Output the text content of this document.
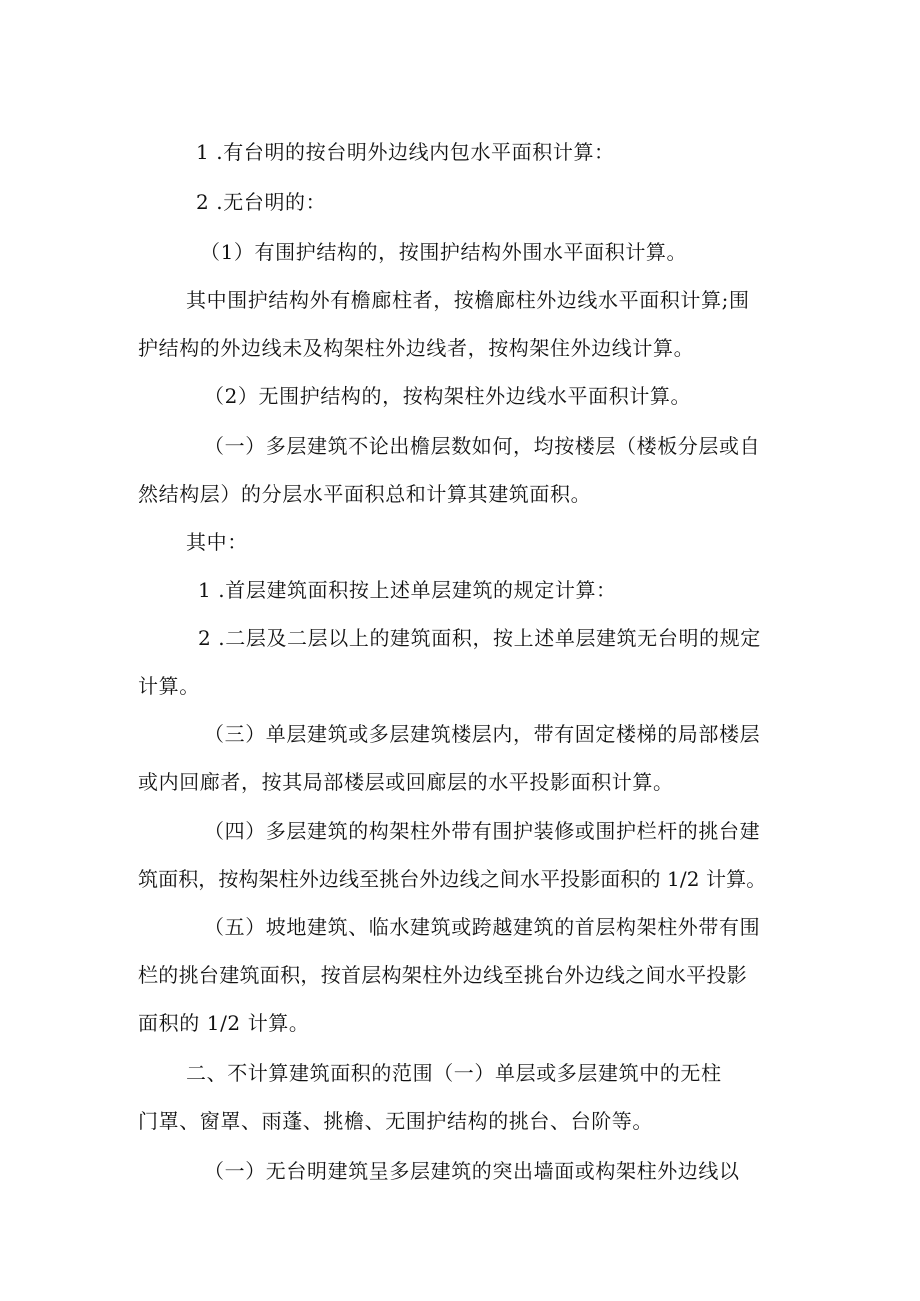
1 .有台明的按台明外边线内包水平面积计算：
2 .无台明的：
（1）有围护结构的，按围护结构外围水平面积计算。
其中围护结构外有檐廊柱者，按檐廊柱外边线水平面积计算;围
护结构的外边线未及构架柱外边线者，按构架住外边线计算。
（2）无围护结构的，按构架柱外边线水平面积计算。
（一）多层建筑不论出檐层数如何，均按楼层（楼板分层或自
然结构层）的分层水平面积总和计算其建筑面积。
其中：
1 .首层建筑面积按上述单层建筑的规定计算：
2 .二层及二层以上的建筑面积，按上述单层建筑无台明的规定
计算。
（三）单层建筑或多层建筑楼层内，带有固定楼梯的局部楼层
或内回廊者，按其局部楼层或回廊层的水平投影面积计算。
（四）多层建筑的构架柱外带有围护装修或围护栏杆的挑台建
筑面积，按构架柱外边线至挑台外边线之间水平投影面积的 1/2 计算。
（五）坡地建筑、临水建筑或跨越建筑的首层构架柱外带有围
栏的挑台建筑面积，按首层构架柱外边线至挑台外边线之间水平投影
面积的 1/2 计算。
二、不计算建筑面积的范围（一）单层或多层建筑中的无柱
门罩、窗罩、雨蓬、挑檐、无围护结构的挑台、台阶等。
（一）无台明建筑呈多层建筑的突出墙面或构架柱外边线以
